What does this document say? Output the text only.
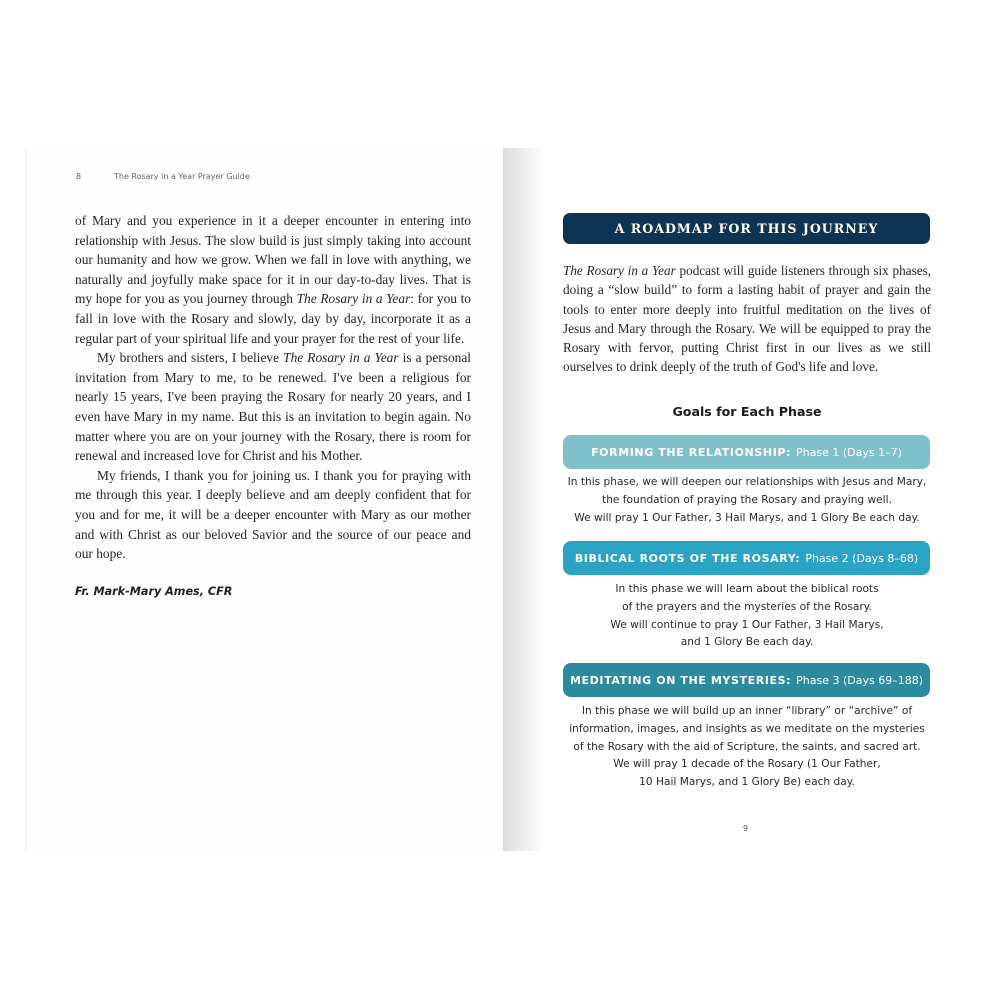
8	The Rosary in a Year Prayer Guide

of Mary and you experience in it a deeper encounter in entering into relationship with Jesus. The slow build is just simply taking into account our humanity and how we grow. When we fall in love with anything, we naturally and joyfully make space for it in our day-to-day lives. That is my hope for you as you journey through The Rosary in a Year: for you to fall in love with the Rosary and slowly, day by day, incorporate it as a regular part of your spiritual life and your prayer for the rest of your life.

My brothers and sisters, I believe The Rosary in a Year is a personal invitation from Mary to me, to be renewed. I've been a religious for nearly 15 years, I've been praying the Rosary for nearly 20 years, and I even have Mary in my name. But this is an invitation to begin again. No matter where you are on your journey with the Rosary, there is room for renewal and increased love for Christ and his Mother.

My friends, I thank you for joining us. I thank you for praying with me through this year. I deeply believe and am deeply confident that for you and for me, it will be a deeper encounter with Mary as our mother and with Christ as our beloved Savior and the source of our peace and our hope.

Fr. Mark-Mary Ames, CFR
A ROADMAP FOR THIS JOURNEY
The Rosary in a Year podcast will guide listeners through six phases, doing a “slow build” to form a lasting habit of prayer and gain the tools to enter more deeply into fruitful meditation on the lives of Jesus and Mary through the Rosary. We will be equipped to pray the Rosary with fervor, putting Christ first in our lives as we still ourselves to drink deeply of the truth of God's life and love.
Goals for Each Phase
FORMING THE RELATIONSHIP: Phase 1 (Days 1–7)
In this phase, we will deepen our relationships with Jesus and Mary,
the foundation of praying the Rosary and praying well.
We will pray 1 Our Father, 3 Hail Marys, and 1 Glory Be each day.
BIBLICAL ROOTS OF THE ROSARY: Phase 2 (Days 8–68)
In this phase we will learn about the biblical roots
of the prayers and the mysteries of the Rosary.
We will continue to pray 1 Our Father, 3 Hail Marys,
and 1 Glory Be each day.
MEDITATING ON THE MYSTERIES: Phase 3 (Days 69–188)
In this phase we will build up an inner “library” or “archive” of
information, images, and insights as we meditate on the mysteries
of the Rosary with the aid of Scripture, the saints, and sacred art.
We will pray 1 decade of the Rosary (1 Our Father,
10 Hail Marys, and 1 Glory Be) each day.
9
